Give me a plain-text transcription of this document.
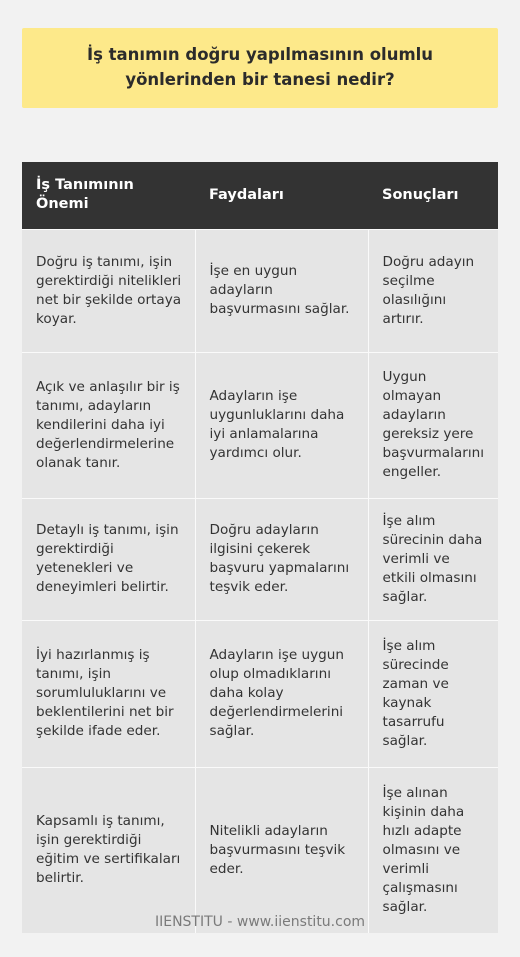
İş tanımın doğru yapılmasının olumlu yönlerinden bir tanesi nedir?
İş Tanımının Önemi	Faydaları	Sonuçları
Doğru iş tanımı, işin gerektirdiği nitelikleri net bir şekilde ortaya koyar.	İşe en uygun adayların başvurmasını sağlar.	Doğru adayın seçilme olasılığını artırır.
Açık ve anlaşılır bir iş tanımı, adayların kendilerini daha iyi değerlendirmelerine olanak tanır.	Adayların işe uygunluklarını daha iyi anlamalarına yardımcı olur.	Uygun olmayan adayların gereksiz yere başvurmalarını engeller.
Detaylı iş tanımı, işin gerektirdiği yetenekleri ve deneyimleri belirtir.	Doğru adayların ilgisini çekerek başvuru yapmalarını teşvik eder.	İşe alım sürecinin daha verimli ve etkili olmasını sağlar.
İyi hazırlanmış iş tanımı, işin sorumluluklarını ve beklentilerini net bir şekilde ifade eder.	Adayların işe uygun olup olmadıklarını daha kolay değerlendirmelerini sağlar.	İşe alım sürecinde zaman ve kaynak tasarrufu sağlar.
Kapsamlı iş tanımı, işin gerektirdiği eğitim ve sertifikaları belirtir.	Nitelikli adayların başvurmasını teşvik eder.	İşe alınan kişinin daha hızlı adapte olmasını ve verimli çalışmasını sağlar.
IIENSTITU - www.iienstitu.com
